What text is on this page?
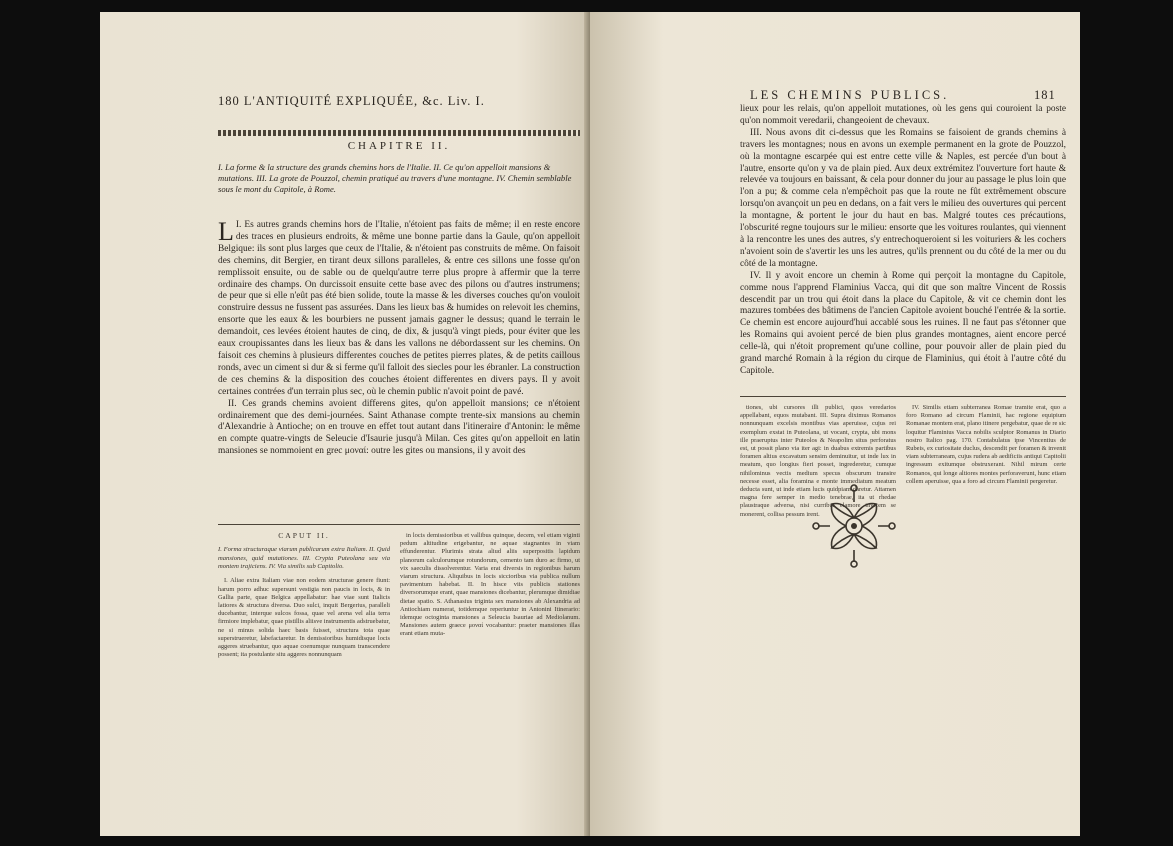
180 L'ANTIQUITÉ EXPLIQUÉE, &c. Liv. I.
CHAPITRE II.
I. La forme & la structure des grands chemins hors de l'Italie. II. Ce qu'on appelloit mansions & mutations. III. La grote de Pouzzol, chemin pratiqué au travers d'une montagne. IV. Chemin semblable sous le mont du Capitole, à Rome.

L I. Es autres grands chemins hors de l'Italie, n'étoient pas faits de même; il en reste encore des traces en plusieurs endroits, & même une bonne partie dans la Gaule, qu'on appelloit Belgique: ils sont plus larges que ceux de l'Italie, & n'étoient pas construits de même. On faisoit des chemins, dit Bergier, en tirant deux sillons paralleles, & entre ces sillons une fosse qu'on remplissoit ensuite, ou de sable ou de quelqu'autre terre plus propre à affermir que la terre ordinaire des champs. On durcissoit ensuite cette base avec des pilons ou d'autres instrumens; de peur que si elle n'eût pas été bien solide, toute la masse & les diverses couches qu'on vouloit construire dessus ne fussent pas assurées. Dans les lieux bas & humides on relevoit les chemins, ensorte que les eaux & les bourbiers ne pussent jamais gagner le dessus; quand le terrain le demandoit, ces levées étoient hautes de cinq, de dix, & jusqu'à vingt pieds, pour éviter que les eaux croupissantes dans les lieux bas & dans les vallons ne débordassent sur les chemins. On faisoit ces chemins à plusieurs differentes couches de petites pierres plates, & de petits caillous ronds, avec un ciment si dur & si ferme qu'il falloit des siecles pour les ébranler. La construction de ces chemins & la disposition des couches étoient differentes en divers pays. Il y avoit certaines contrées d'un terrain plus sec, où le chemin public n'avoit point de pavé.

II. Ces grands chemins avoient differens gites, qu'on appelloit mansions; ce n'étoient ordinairement que des demi-journées. Saint Athanase compte trente-six mansions au chemin d'Alexandrie à Antioche; on en trouve en effet tout autant dans l'itineraire d'Antonin: le même en compte quatre-vingts de Seleucie d'Isaurie jusqu'à Milan. Ces gites qu'on appelloit en latin mansiones se nommoient en grec μοναί: outre les gites ou mansions, il y avoit des

CAPUT II.
I. Forma structuraque viarum publicarum extra Italiam. II. Quid mansiones, quid mutationes. III. Crypta Puteolana seu via montem trajiciens. IV. Via similis sub Capitolio.

I. Aliae extra Italiam viae non eodem structurae genere fiunt: harum porro adhuc supersunt vestigia non paucis in locis, & in Gallia parte, quae Belgica appellabatur: hae viae sunt Italicis latiores & structura diversa. Duo sulci, inquit Bergerius, paralleli ducebantur, interque sulcos fossa, quae vel arena vel alia terra firmiore implebatur, quae pistillis aliisve instrumentis adstruebatur, ne si minus solida haec basis fuisset, structura tota quae superstrueretur, labefactaretur. In demissioribus humidisque locis aggeres struebantur, quo aquae coenumque nunquam transcendere possent; ita postulante situ aggeres nonnunquam

in locis demissioribus et vallibus quinque, decem, vel etiam viginti pedum altitudine erigebantur, ne aquae stagnantes in viam effunderentur. Plurimis strata aliud aliis superpositis lapidum planorum calculorumque rotundorum, cemento tam duro ac firmo, ut vix saeculis dissolverentur. Varia erat diversis in regionibus harum viarum structura. Aliquibus in locis siccioribus via publica nullum pavimentum habebat. II. In hisce viis publicis stationes diversorumque erant, quae mansiones dicebantur, plerumque dimidiae dietae spatio. S. Athanasius triginta sex mansiones ab Alexandria ad Antiochiam numerat, totidemque reperiuntur in Antonini Itinerario: idemque octoginta mansiones a Seleucia Isauriae ad Mediolanum. Mansiones autem graece μοναί vocabantur: praeter mansiones illas erant etiam muta-

LES CHEMINS PUBLICS.	181

lieux pour les relais, qu'on appelloit mutationes, où les gens qui couroient la poste qu'on nommoit veredarii, changeoient de chevaux.

III. Nous avons dit ci-dessus que les Romains se faisoient de grands chemins à travers les montagnes; nous en avons un exemple permanent en la grote de Pouzzol, où la montagne escarpée qui est entre cette ville & Naples, est percée d'un bout à l'autre, ensorte qu'on y va de plain pied. Aux deux extrémitez l'ouverture fort haute & relevée va toujours en baissant, & cela pour donner du jour au passage le plus loin que l'on a pu; & comme cela n'empêchoit pas que la route ne fût extrêmement obscure lorsqu'on avançoit un peu en dedans, on a fait vers le milieu des ouvertures qui percent la montagne, & portent le jour du haut en bas. Malgré toutes ces précautions, l'obscurité regne toujours sur le milieu: ensorte que les voitures roulantes, qui viennent à la rencontre les unes des autres, s'y entrechoqueroient si les voituriers & les cochers n'avoient soin de s'avertir les uns les autres, qu'ils prennent ou du côté de la mer ou du côté de la montagne.

IV. Il y avoit encore un chemin à Rome qui perçoit la montagne du Capitole, comme nous l'apprend Flaminius Vacca, qui dit que son maître Vincent de Rossis descendit par un trou qui étoit dans la place du Capitole, & vit ce chemin dont les mazures tombées des bâtimens de l'ancien Capitole avoient bouché l'entrée & la sortie. Ce chemin est encore aujourd'hui accablé sous les ruines. Il ne faut pas s'étonner que les Romains qui avoient percé de bien plus grandes montagnes, aient encore percé celle-là, qui n'étoit proprement qu'une colline, pour pouvoir aller de plain pied du grand marché Romain à la région du cirque de Flaminius, qui étoit à l'autre côté du Capitole.

tiones, ubi cursores illi publici, quos veredarios appellabant, equos mutabant. III. Supra diximus Romanos nonnunquam excelsis montibus vias aperuisse, cujus rei exemplum exstat in Puteolana, ut vocant, crypta, ubi mons ille praeruptus inter Puteolos & Neapolim situs perforatus est, ut possit plano via iter agi: in duabus extremis partibus foramen altius excavatum sensim deminuitur, ut inde lux in meatum, quo longius fieri posset, ingrederetur, cumque nihilominus vectis medium specus obscurum transire necesse esset, alia foramina e monte immediatum meatum deducta sunt, ut inde etiam lucis quidpiam daretur. Attamen magna fere semper in medio tenebrae, ita ut rhedae plaustraque adversa, nisi curribus clamore invicem se monerent, collisa pessum irent.

IV. Similis etiam subterranea Romae tramite erat, quo a foro Romano ad circum Flaminii, hac regione equipium Romanae montem erat, plano itinere pergebatur, quae de re sic loquitur Flaminius Vacca nobilis sculptor Romanus in Diario nostro Italico pag. 170. Contabulatus ipse Vincentius de Rubeis, ex curiositate duclus, descendit per foramen & invenit viam subterraneam, cujus rudera ab aedificiis antiqui Capitolii ingressum exitumque obstruxerant. Nihil mirum certe Romanos, qui longe altiores montes perforaverunt, hunc etiam collem aperuisse, qua a foro ad circum Flaminii pergeretur.
